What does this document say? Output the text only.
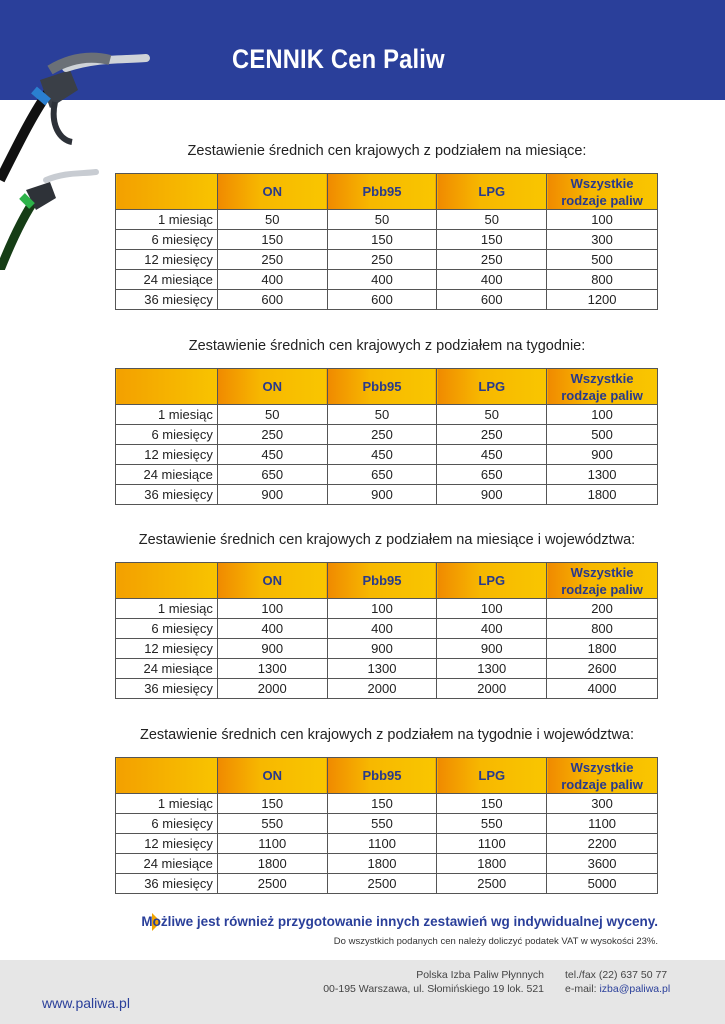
CENNIK Cen Paliw
Zestawienie średnich cen krajowych z podziałem na miesiące:
	ON	Pbb95	LPG	Wszystkie
rodzaje paliw
1 miesiąc	50	50	50	100
6 miesięcy	150	150	150	300
12 miesięcy	250	250	250	500
24 miesiące	400	400	400	800
36 miesięcy	600	600	600	1200
Zestawienie średnich cen krajowych z podziałem na tygodnie:
	ON	Pbb95	LPG	Wszystkie
rodzaje paliw
1 miesiąc	50	50	50	100
6 miesięcy	250	250	250	500
12 miesięcy	450	450	450	900
24 miesiące	650	650	650	1300
36 miesięcy	900	900	900	1800
Zestawienie średnich cen krajowych z podziałem na miesiące i województwa:
	ON	Pbb95	LPG	Wszystkie
rodzaje paliw
1 miesiąc	100	100	100	200
6 miesięcy	400	400	400	800
12 miesięcy	900	900	900	1800
24 miesiące	1300	1300	1300	2600
36 miesięcy	2000	2000	2000	4000
Zestawienie średnich cen krajowych z podziałem na tygodnie i województwa:
	ON	Pbb95	LPG	Wszystkie
rodzaje paliw
1 miesiąc	150	150	150	300
6 miesięcy	550	550	550	1100
12 miesięcy	1100	1100	1100	2200
24 miesiące	1800	1800	1800	3600
36 miesięcy	2500	2500	2500	5000
Możliwe jest również przygotowanie innych zestawień wg indywidualnej wyceny.
Do wszystkich podanych cen należy doliczyć podatek VAT w wysokości 23%.
Polska Izba Paliw Płynnych
00-195 Warszawa, ul. Słomińskiego 19 lok. 521
tel./fax (22) 637 50 77
e-mail: izba@paliwa.pl
www.paliwa.pl
